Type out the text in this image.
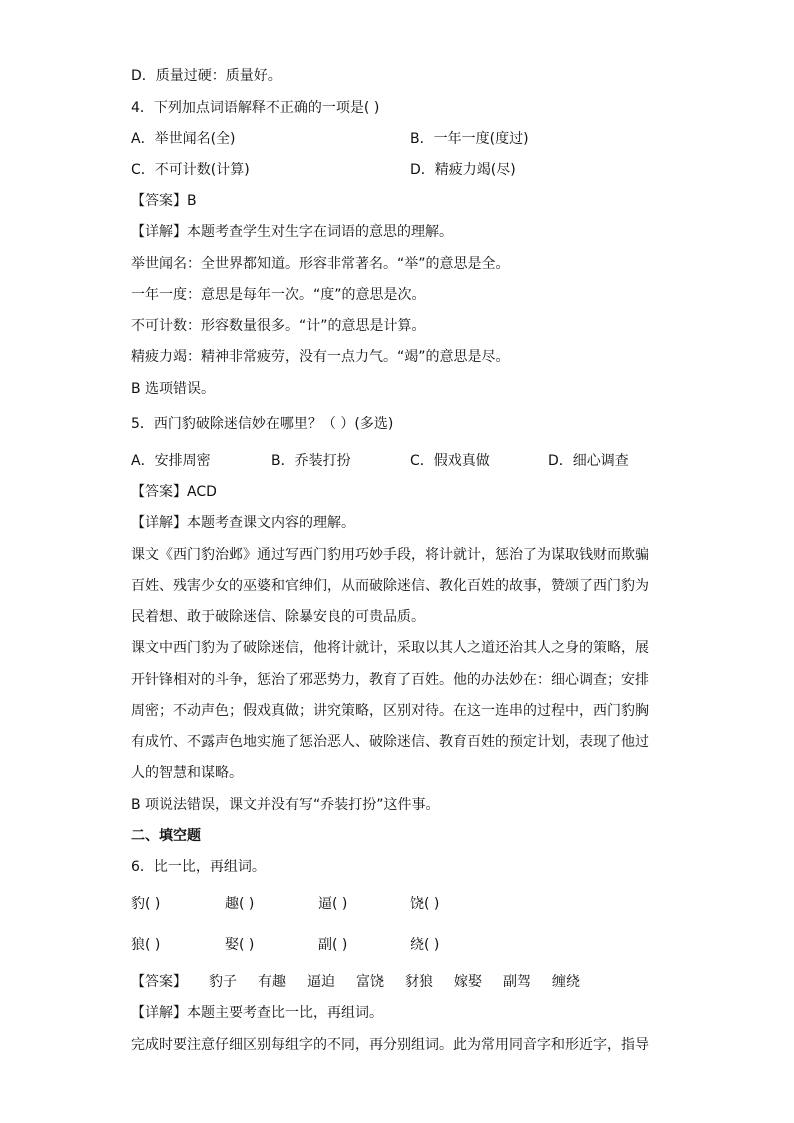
D．质量过硬：质量好。
4．下列加点词语解释不正确的一项是( )
A．举世闻名(全)	B．一年一度(度过)
C．不可计数(计算)	D．精疲力竭(尽)
【答案】B
【详解】本题考查学生对生字在词语的意思的理解。
举世闻名：全世界都知道。形容非常著名。“举”的意思是全。
一年一度：意思是每年一次。“度”的意思是次。
不可计数：形容数量很多。“计”的意思是计算。
精疲力竭：精神非常疲劳，没有一点力气。“竭”的意思是尽。
B 选项错误。
5．西门豹破除迷信妙在哪里？（ ）(多选)
A．安排周密	B．乔装打扮	C．假戏真做	D．细心调查
【答案】ACD
【详解】本题考查课文内容的理解。
课文《西门豹治邺》通过写西门豹用巧妙手段，将计就计，惩治了为谋取钱财而欺骗
百姓、残害少女的巫婆和官绅们，从而破除迷信、教化百姓的故事，赞颂了西门豹为
民着想、敢于破除迷信、除暴安良的可贵品质。
课文中西门豹为了破除迷信，他将计就计，采取以其人之道还治其人之身的策略，展
开针锋相对的斗争，惩治了邪恶势力，教育了百姓。他的办法妙在：细心调查；安排
周密；不动声色；假戏真做；讲究策略，区别对待。在这一连串的过程中，西门豹胸
有成竹、不露声色地实施了惩治恶人、破除迷信、教育百姓的预定计划，表现了他过
人的智慧和谋略。
B 项说法错误，课文并没有写“乔装打扮”这件事。
二、填空题
6．比一比，再组词。
豹( )	趣( )	逼( )	饶( )
狼( )	娶( )	副( )	绕( )
【答案】 豹子 有趣 逼迫 富饶 豺狼 嫁娶 副驾 缠绕
【详解】本题主要考查比一比，再组词。
完成时要注意仔细区别每组字的不同，再分别组词。此为常用同音字和形近字，指导
